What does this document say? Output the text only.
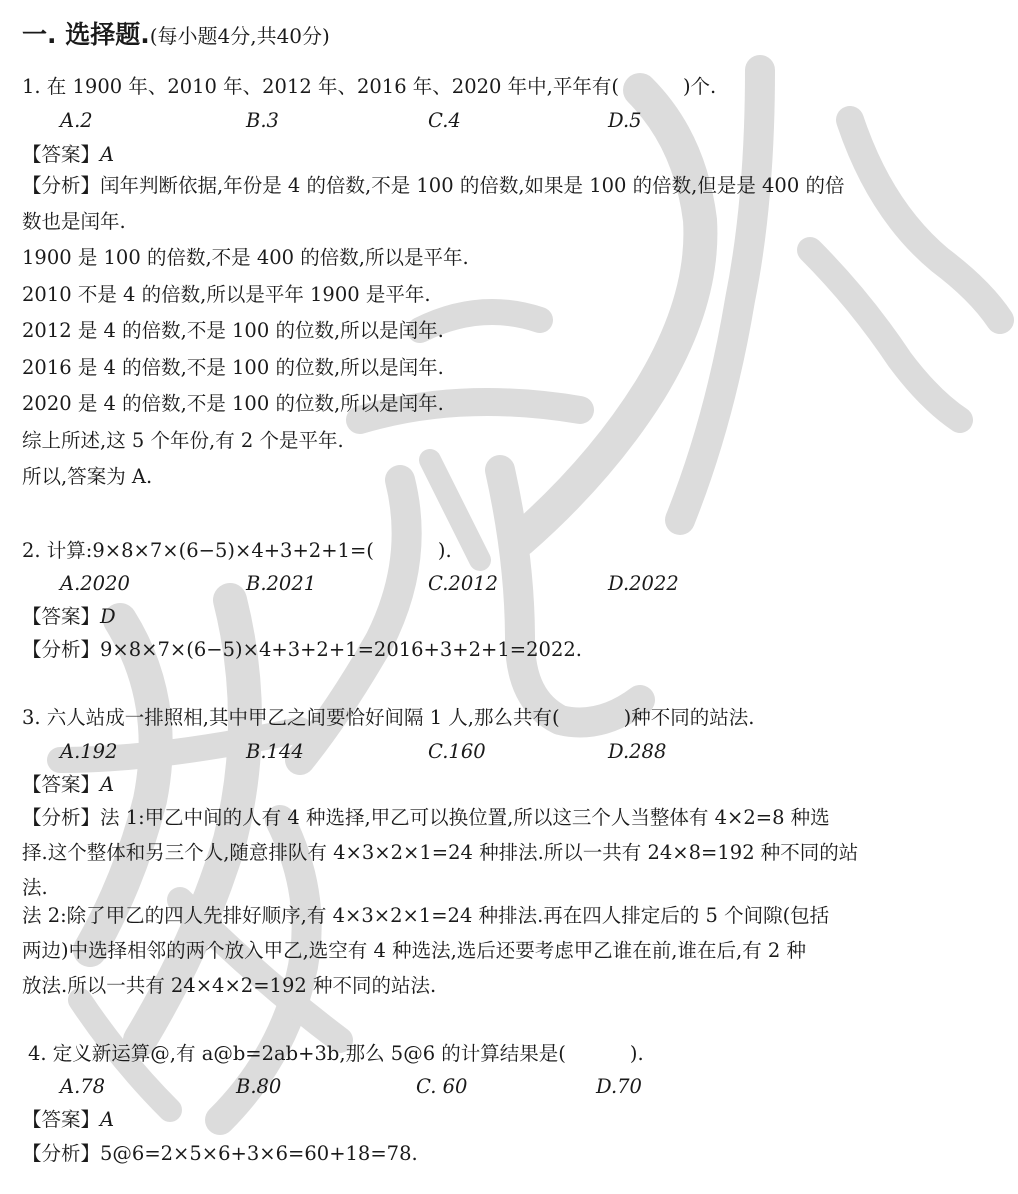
一. 选择题.(每小题4分,共40分)
1. 在 1900 年、2010 年、2012 年、2016 年、2020 年中,平年有(	)个.
A.2	B.3	C.4	D.5
【答案】A
【分析】闰年判断依据,年份是 4 的倍数,不是 100 的倍数,如果是 100 的倍数,但是是 400 的倍
数也是闰年.
1900 是 100 的倍数,不是 400 的倍数,所以是平年.
2010 不是 4 的倍数,所以是平年 1900 是平年.
2012 是 4 的倍数,不是 100 的位数,所以是闰年.
2016 是 4 的倍数,不是 100 的位数,所以是闰年.
2020 是 4 的倍数,不是 100 的位数,所以是闰年.
综上所述,这 5 个年份,有 2 个是平年.
所以,答案为 A.
2. 计算:9×8×7×(6−5)×4+3+2+1=(	).
A.2020	B.2021	C.2012	D.2022
【答案】D
【分析】9×8×7×(6−5)×4+3+2+1=2016+3+2+1=2022.
3. 六人站成一排照相,其中甲乙之间要恰好间隔 1 人,那么共有(	)种不同的站法.
A.192	B.144	C.160	D.288
【答案】A
【分析】法 1:甲乙中间的人有 4 种选择,甲乙可以换位置,所以这三个人当整体有 4×2=8 种选
择.这个整体和另三个人,随意排队有 4×3×2×1=24 种排法.所以一共有 24×8=192 种不同的站
法.
法 2:除了甲乙的四人先排好顺序,有 4×3×2×1=24 种排法.再在四人排定后的 5 个间隙(包括
两边)中选择相邻的两个放入甲乙,选空有 4 种选法,选后还要考虑甲乙谁在前,谁在后,有 2 种
放法.所以一共有 24×4×2=192 种不同的站法.
4. 定义新运算@,有 a@b=2ab+3b,那么 5@6 的计算结果是(	).
A.78	B.80	C. 60	D.70
【答案】A
【分析】5@6=2×5×6+3×6=60+18=78.
